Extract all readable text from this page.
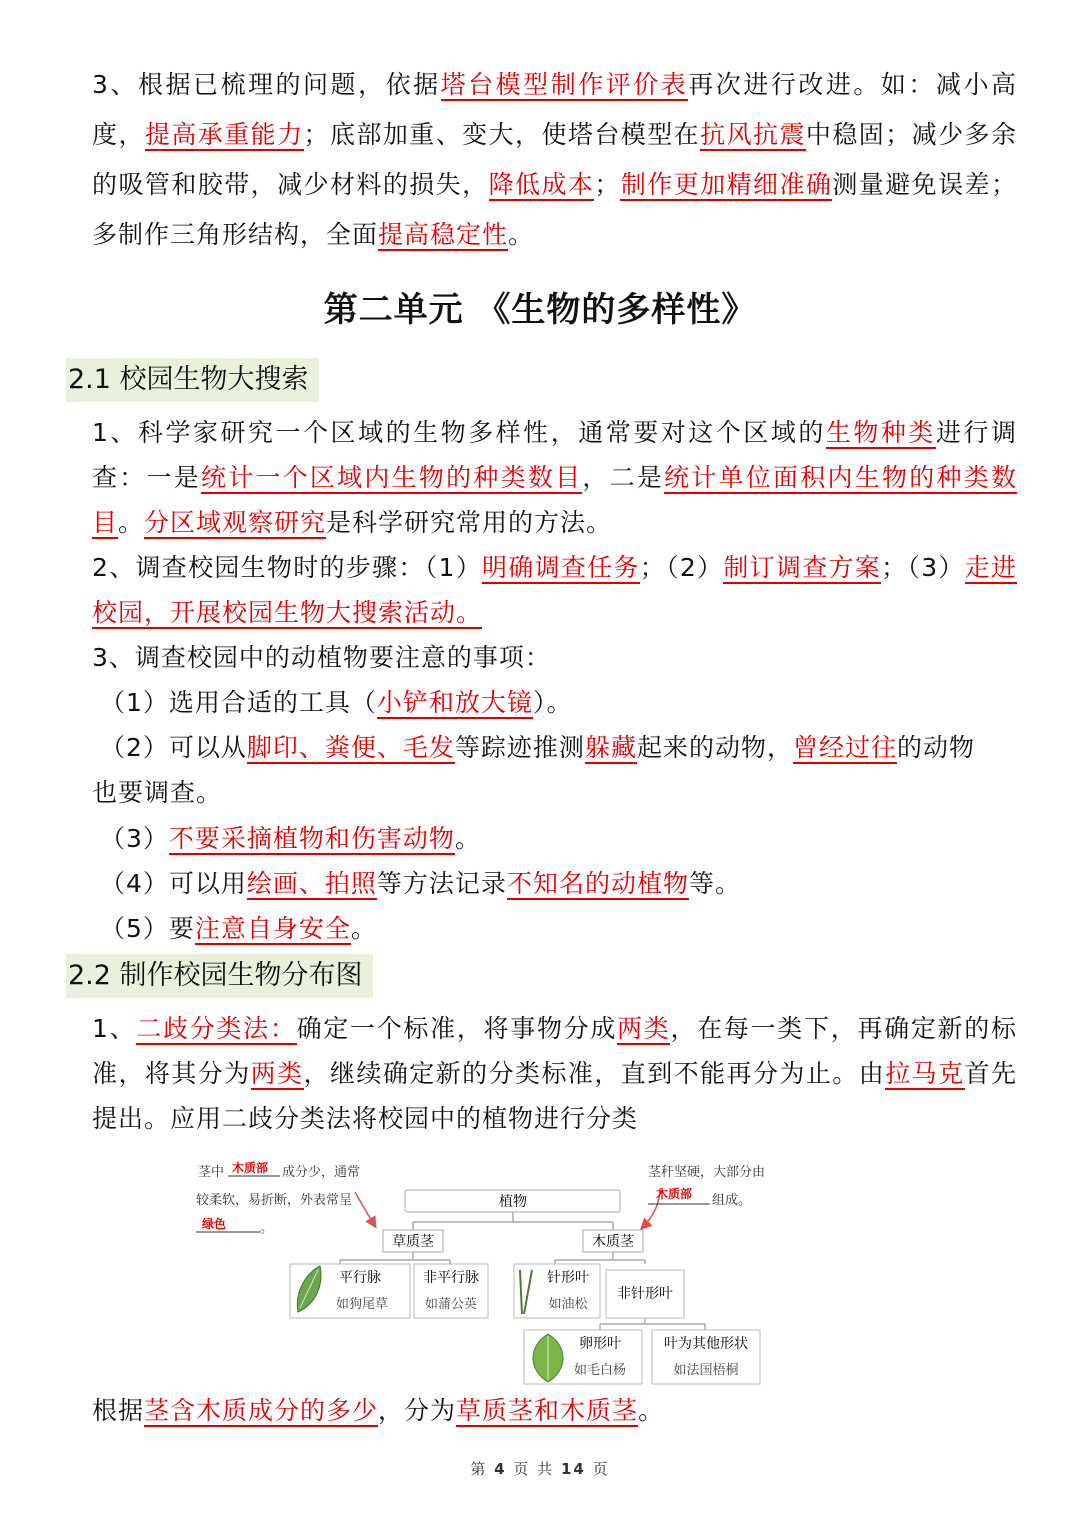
3、根据已梳理的问题，依据塔台模型制作评价表再次进行改进。如：减小高度，提高承重能力；底部加重、变大，使塔台模型在抗风抗震中稳固；减少多余的吸管和胶带，减少材料的损失，降低成本；制作更加精细准确测量避免误差；多制作三角形结构，全面提高稳定性。
第二单元 《生物的多样性》
2.1 校园生物大搜索
1、科学家研究一个区域的生物多样性，通常要对这个区域的生物种类进行调查：一是统计一个区域内生物的种类数目，二是统计单位面积内生物的种类数目。分区域观察研究是科学研究常用的方法。
2、调查校园生物时的步骤：（1）明确调查任务；（2）制订调查方案；（3）走进校园，开展校园生物大搜索活动。
3、调查校园中的动植物要注意的事项：
（1）选用合适的工具（小铲和放大镜）。
（2）可以从脚印、粪便、毛发等踪迹推测躲藏起来的动物，曾经过往的动物
也要调查。
（3）不要采摘植物和伤害动物。
（4）可以用绘画、拍照等方法记录不知名的动植物等。
（5）要注意自身安全。
2.2 制作校园生物分布图
1、二歧分类法：确定一个标准，将事物分成两类，在每一类下，再确定新的标准，将其分为两类，继续确定新的分类标准，直到不能再分为止。由拉马克首先提出。应用二歧分类法将校园中的植物进行分类
植物
草质茎	木质茎
平行脉
如狗尾草
非平行脉
如蒲公英
针形叶
如油松
非针形叶
卵形叶
如毛白杨
叶为其他形状
如法国梧桐
茎中 木质部 成分少，通常
较柔软，易折断，外表常呈
绿色	。
茎秆坚硬，大部分由
木质部 组成。
根据茎含木质成分的多少，分为草质茎和木质茎。
第 4 页 共 14 页
